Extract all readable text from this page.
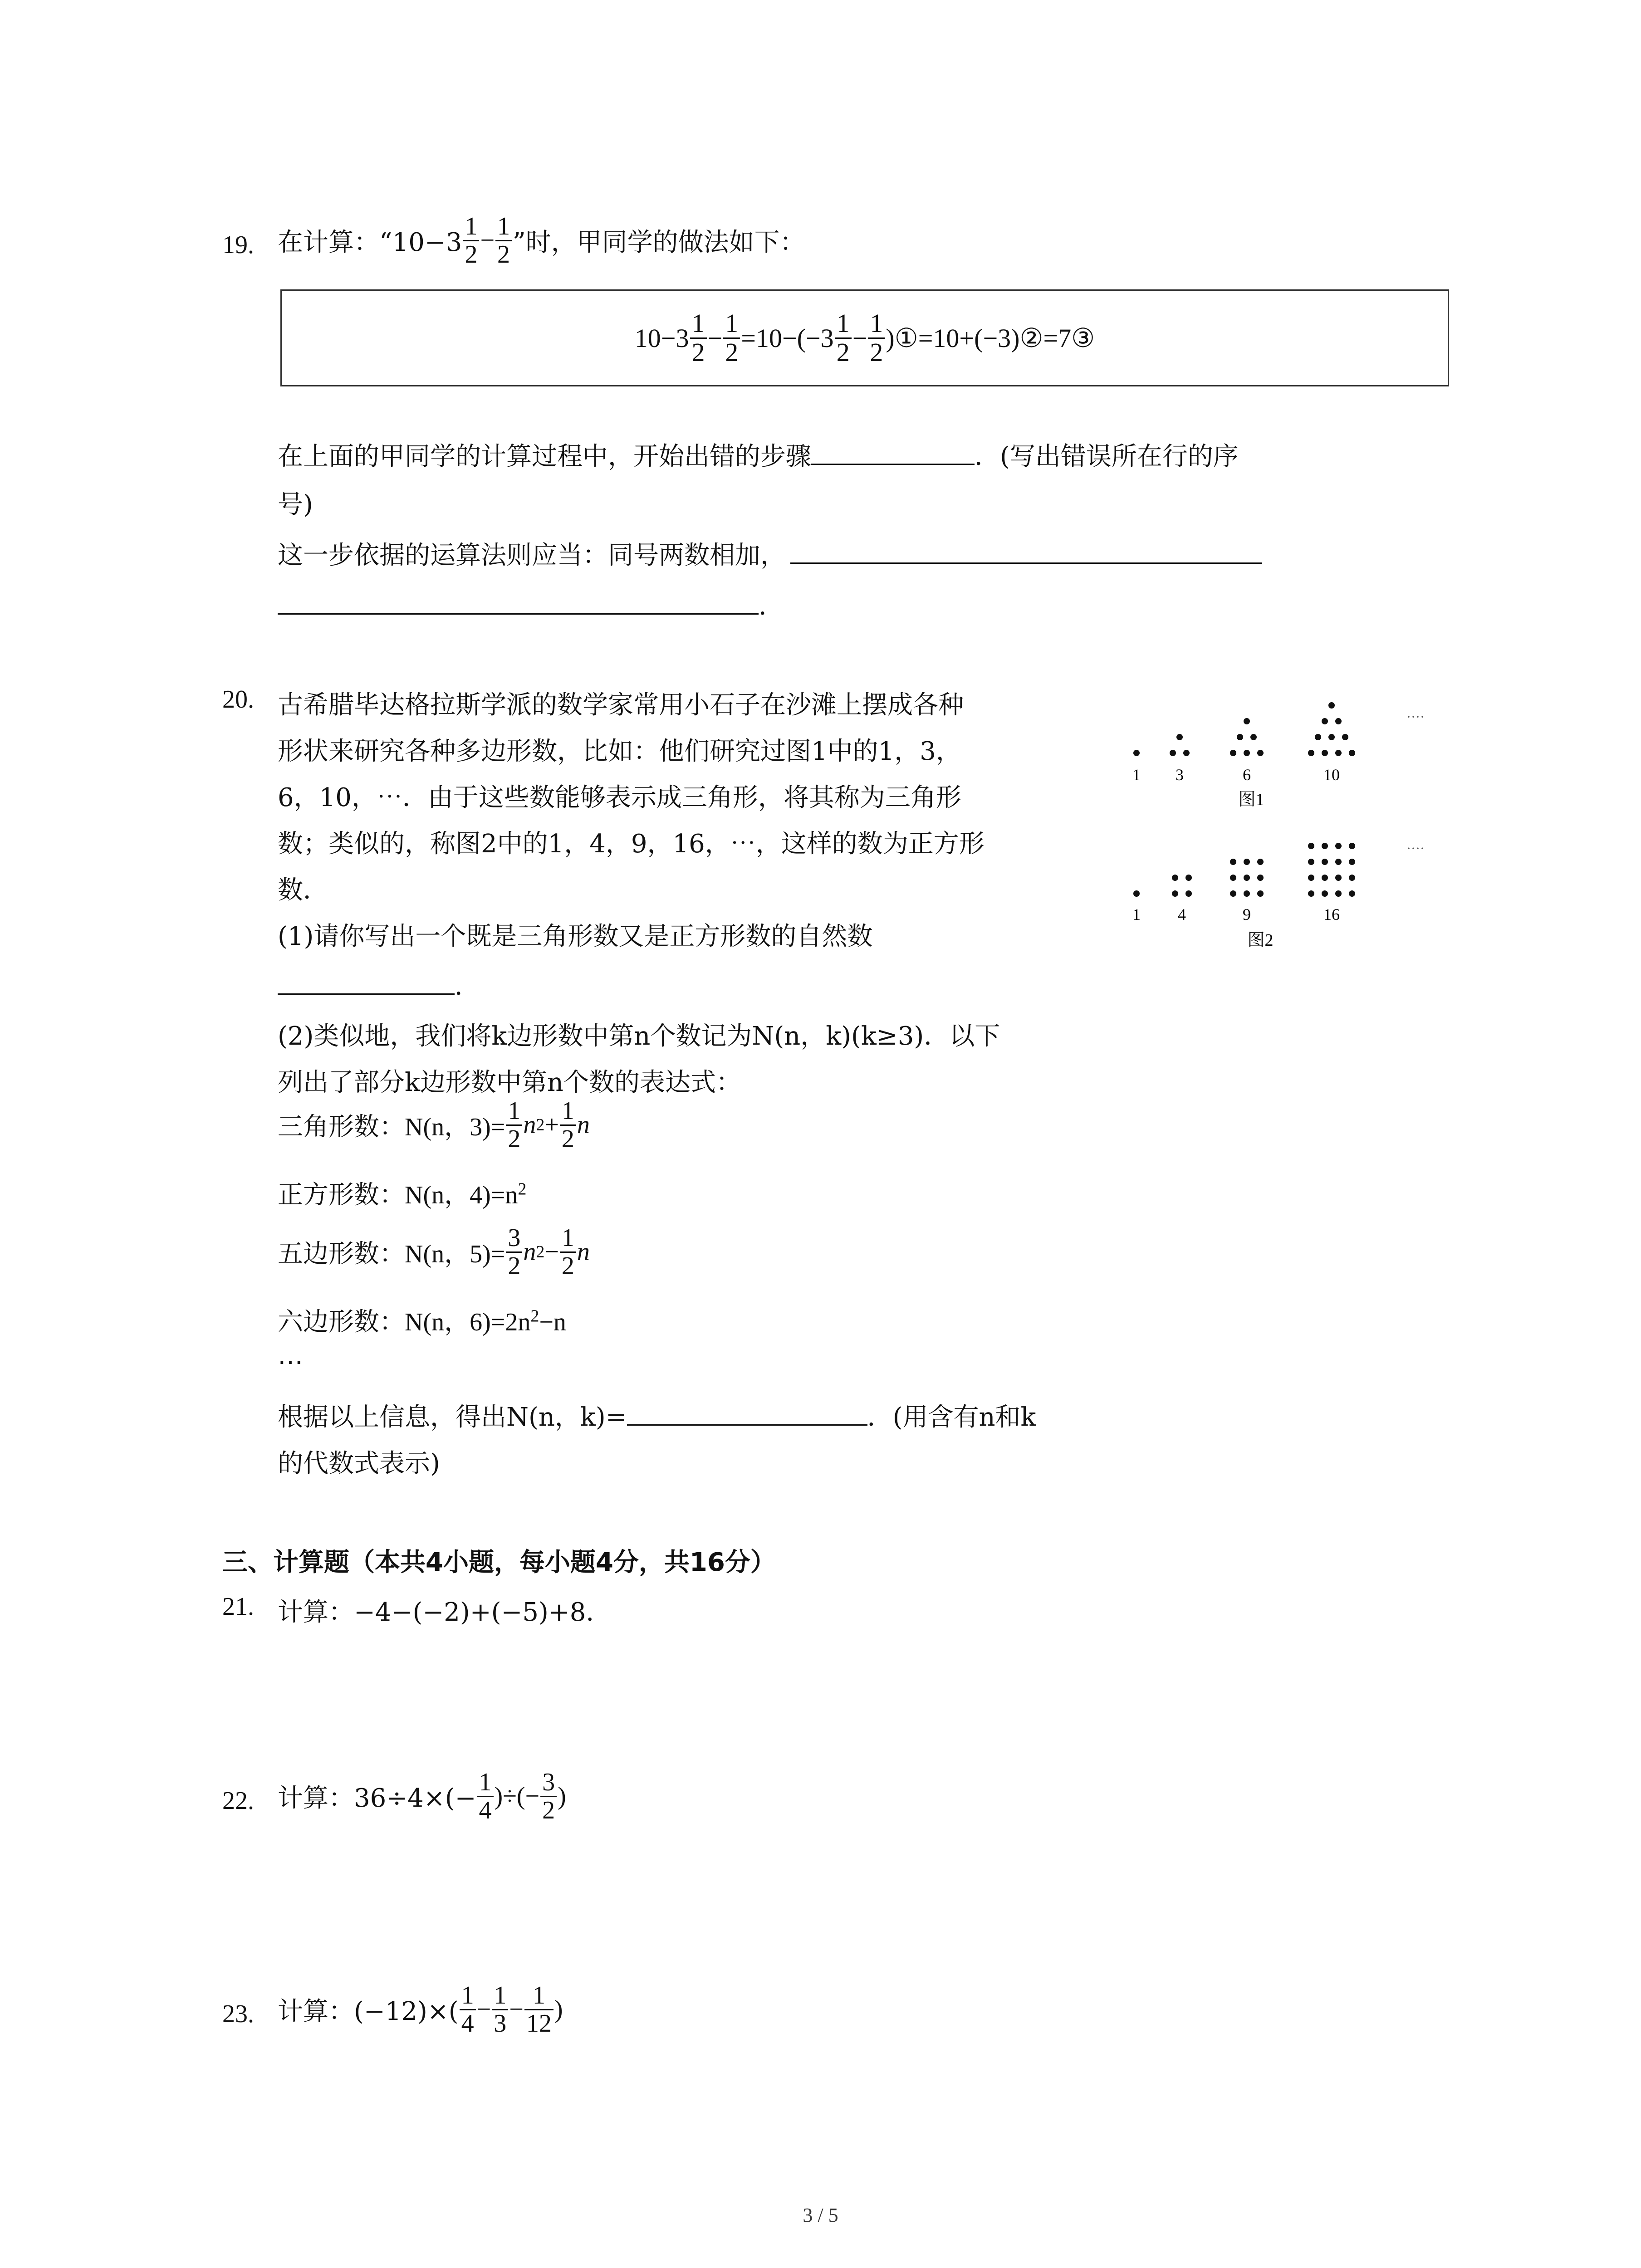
19. 在计算：“$10-3 \frac{1}{2} - \frac{1}{2}$ ”时，甲同学的做法如下：
$10-3 \frac{1}{2} - \frac{1}{2} =10-(-3 \frac{1}{2} - \frac{1}{2}$ )①=10+(−3)②=7③
在上面的甲同学的计算过程中，开始出错的步骤	．(写出错误所在行的序
号)
这一步依据的运算法则应当：同号两数相加，
．
20. 古希腊毕达格拉斯学派的数学家常用小石子在沙滩上摆成各种
形状来研究各种多边形数，比如：他们研究过图1中的1，3，
6，10，⋯．由于这些数能够表示成三角形，将其称为三角形
数；类似的，称图2中的1，4，9，16，⋯，这样的数为正方形
数．
(1)请你写出一个既是三角形数又是正方形数的自然数
．
(2)类似地，我们将k边形数中第n个数记为N(n，k)(k≥3)．以下
列出了部分k边形数中第n个数的表达式：
三角形数： N(n，$3)= \frac{1}{2}$ n $2 + \frac{1}{2}$ n
正方形数：N(n，$4)=n^2$
五边形数： N(n，$5)= \frac{3}{2}$ n $2 - \frac{1}{2}$ n
六边形数：N(n，$6)=2n^2-n$
⋯
根据以上信息，得出N(n，k)=	．(用含有n和k
的代数式表示)
····
1 3	6	10
图1
····
1 4	9	16
图2
三、计算题（本共4小题，每小题4分，共16分）
21. 计算：−4−(−2)+(−5)+8．
22. 计算：$36\div 4\times(- \frac{1}{4}$ )÷(− $\frac{3}{2}$ )
23. 计算：$(-12)\times( \frac{1}{4} - \frac{1}{3} - \frac{1}{12}$ )
3 / 5
